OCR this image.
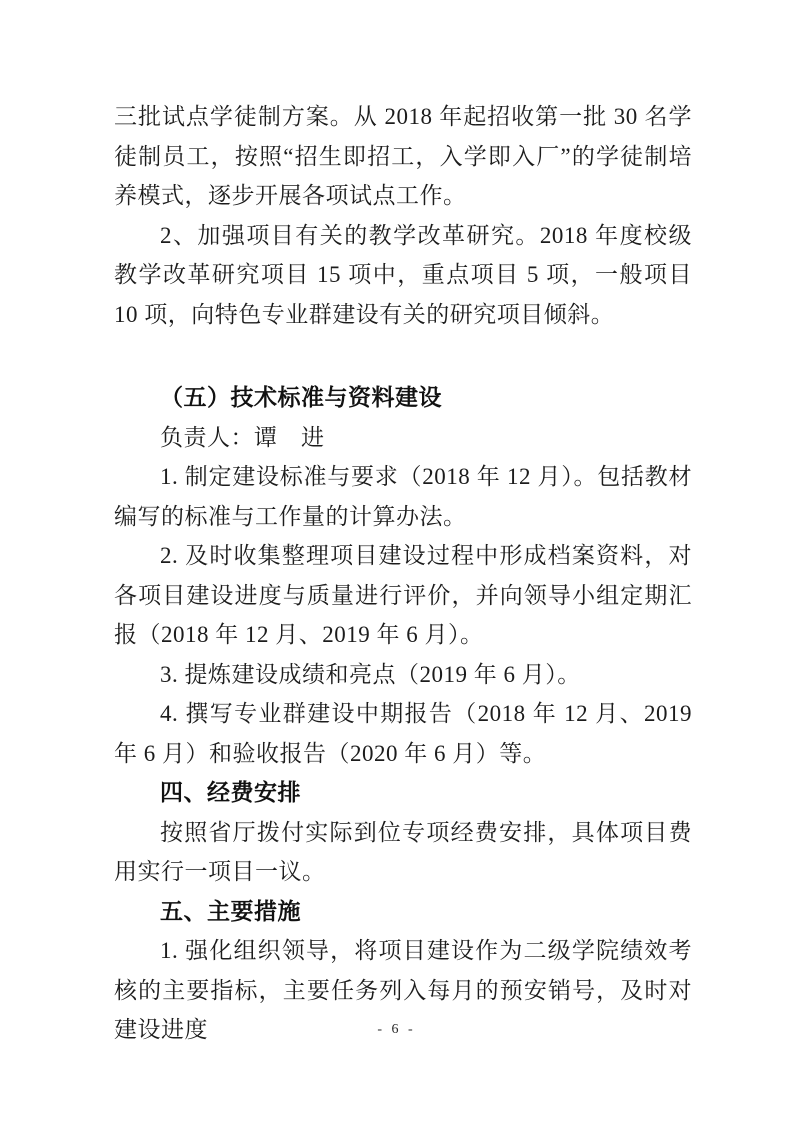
三批试点学徒制方案。从 2018 年起招收第一批 30 名学徒制员工，按照“招生即招工，入学即入厂”的学徒制培养模式，逐步开展各项试点工作。

2、加强项目有关的教学改革研究。2018 年度校级教学改革研究项目 15 项中，重点项目 5 项，一般项目 10 项，向特色专业群建设有关的研究项目倾斜。

（五）技术标准与资料建设

负责人：谭　进

1. 制定建设标准与要求（2018 年 12 月）。包括教材编写的标准与工作量的计算办法。

2. 及时收集整理项目建设过程中形成档案资料，对各项目建设进度与质量进行评价，并向领导小组定期汇报（2018 年 12 月、2019 年 6 月）。

3. 提炼建设成绩和亮点（2019 年 6 月）。

4. 撰写专业群建设中期报告（2018 年 12 月、2019 年 6 月）和验收报告（2020 年 6 月）等。

四、经费安排

按照省厅拨付实际到位专项经费安排，具体项目费用实行一项目一议。

五、主要措施

1. 强化组织领导，将项目建设作为二级学院绩效考核的主要指标，主要任务列入每月的预安销号，及时对建设进度	- 6 -
